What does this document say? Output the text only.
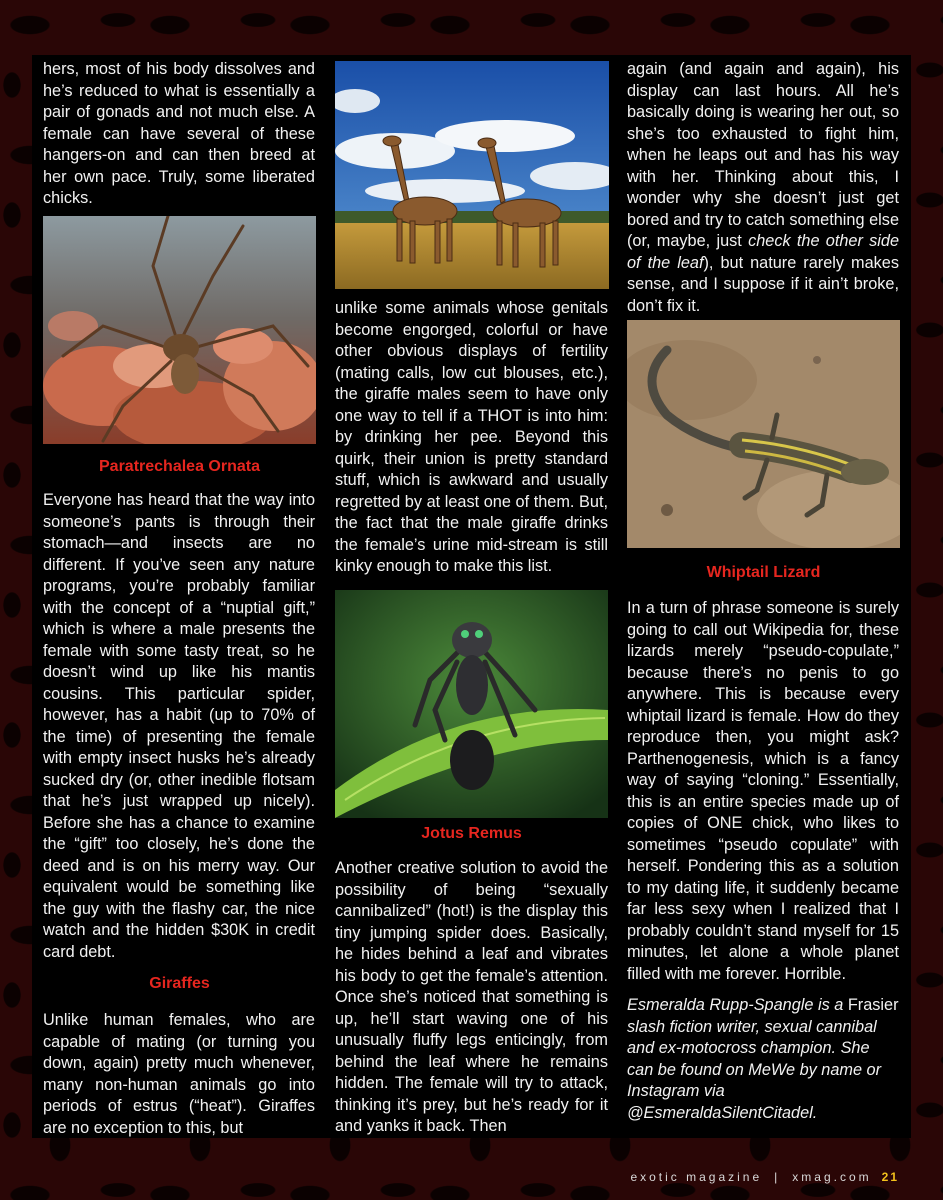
hers, most of his body dissolves and he’s reduced to what is essentially a pair of gonads and not much else. A female can have several of these hangers-on and can then breed at her own pace. Truly, some liberated chicks.

Paratrechalea Ornata

Everyone has heard that the way into someone’s pants is through their stomach—and insects are no different. If you’ve seen any nature programs, you’re probably familiar with the concept of a “nuptial gift,” which is where a male presents the female with some tasty treat, so he doesn’t wind up like his mantis cousins. This particular spider, however, has a habit (up to 70% of the time) of presenting the female with empty insect husks he’s already sucked dry (or, other inedible flotsam that he’s just wrapped up nicely). Before she has a chance to examine the “gift” too closely, he’s done the deed and is on his merry way. Our equivalent would be something like the guy with the flashy car, the nice watch and the hidden $30K in credit card debt.

Giraffes

Unlike human females, who are capable of mating (or turning you down, again) pretty much whenever, many non-human animals go into periods of estrus (“heat”). Giraffes are no exception to this, but

unlike some animals whose genitals become engorged, colorful or have other obvious displays of fertility (mating calls, low cut blouses, etc.), the giraffe males seem to have only one way to tell if a THOT is into him: by drinking her pee. Beyond this quirk, their union is pretty standard stuff, which is awkward and usually regretted by at least one of them. But, the fact that the male giraffe drinks the female’s urine mid-stream is still kinky enough to make this list.

Jotus Remus

Another creative solution to avoid the possibility of being “sexually cannibalized” (hot!) is the display this tiny jumping spider does. Basically, he hides behind a leaf and vibrates his body to get the female’s attention. Once she’s noticed that something is up, he’ll start waving one of his unusually fluffy legs enticingly, from behind the leaf where he remains hidden. The female will try to attack, thinking it’s prey, but he’s ready for it and yanks it back. Then

again (and again and again), his display can last hours. All he’s basically doing is wearing her out, so she’s too exhausted to fight him, when he leaps out and has his way with her. Thinking about this, I wonder why she doesn’t just get bored and try to catch something else (or, maybe, just check the other side of the leaf), but nature rarely makes sense, and I suppose if it ain’t broke, don’t fix it.

Whiptail Lizard

In a turn of phrase someone is surely going to call out Wikipedia for, these lizards merely “pseudo-copulate,” because there’s no penis to go anywhere. This is because every whiptail lizard is female. How do they reproduce then, you might ask? Parthenogenesis, which is a fancy way of saying “cloning.” Essentially, this is an entire species made up of copies of ONE chick, who likes to sometimes “pseudo copulate” with herself. Pondering this as a solution to my dating life, it suddenly became far less sexy when I realized that I probably couldn’t stand myself for 15 minutes, let alone a whole planet filled with me forever. Horrible.

Esmeralda Rupp-Spangle is a Frasier slash fiction writer, sexual cannibal and ex-motocross champion. She can be found on MeWe by name or Instagram via @EsmeraldaSilentCitadel.

exotic magazine | xmag.com 21
